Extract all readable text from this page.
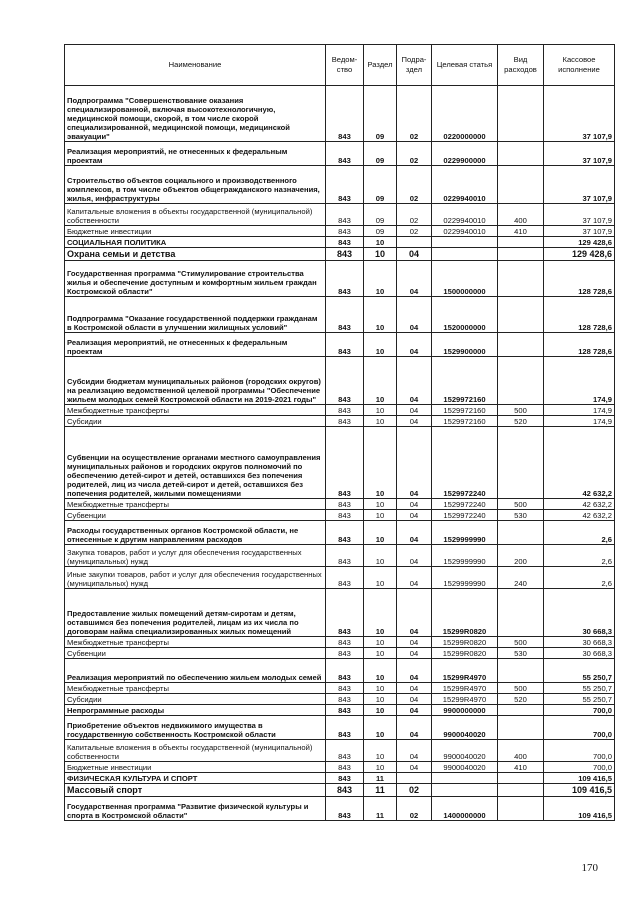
Наименование	Ведом-ство	Раздел	Подра-здел	Целевая статья	Вид расходов	Кассовое исполнение
Подпрограмма "Совершенствование оказания специализированной, включая высокотехнологичную, медицинской помощи, скорой, в том числе скорой специализированной, медицинской помощи, медицинской эвакуации"	843	09	02	0220000000		37 107,9
Реализация мероприятий, не отнесенных к федеральным проектам	843	09	02	0229900000		37 107,9
Строительство объектов социального и производственного комплексов, в том числе объектов общегражданского назначения, жилья, инфраструктуры	843	09	02	0229940010		37 107,9
Капитальные вложения в объекты государственной (муниципальной) собственности	843	09	02	0229940010	400	37 107,9
Бюджетные инвестиции	843	09	02	0229940010	410	37 107,9
СОЦИАЛЬНАЯ ПОЛИТИКА	843	10				129 428,6
Охрана семьи и детства	843	10	04			129 428,6
Государственная программа "Стимулирование строительства жилья и обеспечение доступным и комфортным жильем граждан Костромской области"	843	10	04	1500000000		128 728,6
Подпрограмма "Оказание государственной поддержки гражданам в Костромской области в улучшении жилищных условий"	843	10	04	1520000000		128 728,6
Реализация мероприятий, не отнесенных к федеральным проектам	843	10	04	1529900000		128 728,6
Субсидии бюджетам муниципальных районов (городских округов) на реализацию ведомственной целевой программы "Обеспечение жильем молодых семей Костромской области на 2019-2021 годы"	843	10	04	1529972160		174,9
Межбюджетные трансферты	843	10	04	1529972160	500	174,9
Субсидии	843	10	04	1529972160	520	174,9
Субвенции на осуществление органами местного самоуправления муниципальных районов и городских округов полномочий по обеспечению детей-сирот и детей, оставшихся без попечения родителей, лиц из числа детей-сирот и детей, оставшихся без попечения родителей, жилыми помещениями	843	10	04	1529972240		42 632,2
Межбюджетные трансферты	843	10	04	1529972240	500	42 632,2
Субвенции	843	10	04	1529972240	530	42 632,2
Расходы государственных органов Костромской области, не отнесенные к другим направлениям расходов	843	10	04	1529999990		2,6
Закупка товаров, работ и услуг для обеспечения государственных (муниципальных) нужд	843	10	04	1529999990	200	2,6
Иные закупки товаров, работ и услуг для обеспечения государственных (муниципальных) нужд	843	10	04	1529999990	240	2,6
Предоставление жилых помещений детям-сиротам и детям, оставшимся без попечения родителей, лицам из их числа по договорам найма специализированных жилых помещений	843	10	04	15299R0820		30 668,3
Межбюджетные трансферты	843	10	04	15299R0820	500	30 668,3
Субвенции	843	10	04	15299R0820	530	30 668,3
Реализация мероприятий по обеспечению жильем молодых семей	843	10	04	15299R4970		55 250,7
Межбюджетные трансферты	843	10	04	15299R4970	500	55 250,7
Субсидии	843	10	04	15299R4970	520	55 250,7
Непрограммные расходы	843	10	04	9900000000		700,0
Приобретение объектов недвижимого имущества в государственную собственность Костромской области	843	10	04	9900040020		700,0
Капитальные вложения в объекты государственной (муниципальной) собственности	843	10	04	9900040020	400	700,0
Бюджетные инвестиции	843	10	04	9900040020	410	700,0
ФИЗИЧЕСКАЯ КУЛЬТУРА И СПОРТ	843	11				109 416,5
Массовый спорт	843	11	02			109 416,5
Государственная программа "Развитие физической культуры и спорта в Костромской области"	843	11	02	1400000000		109 416,5
170
